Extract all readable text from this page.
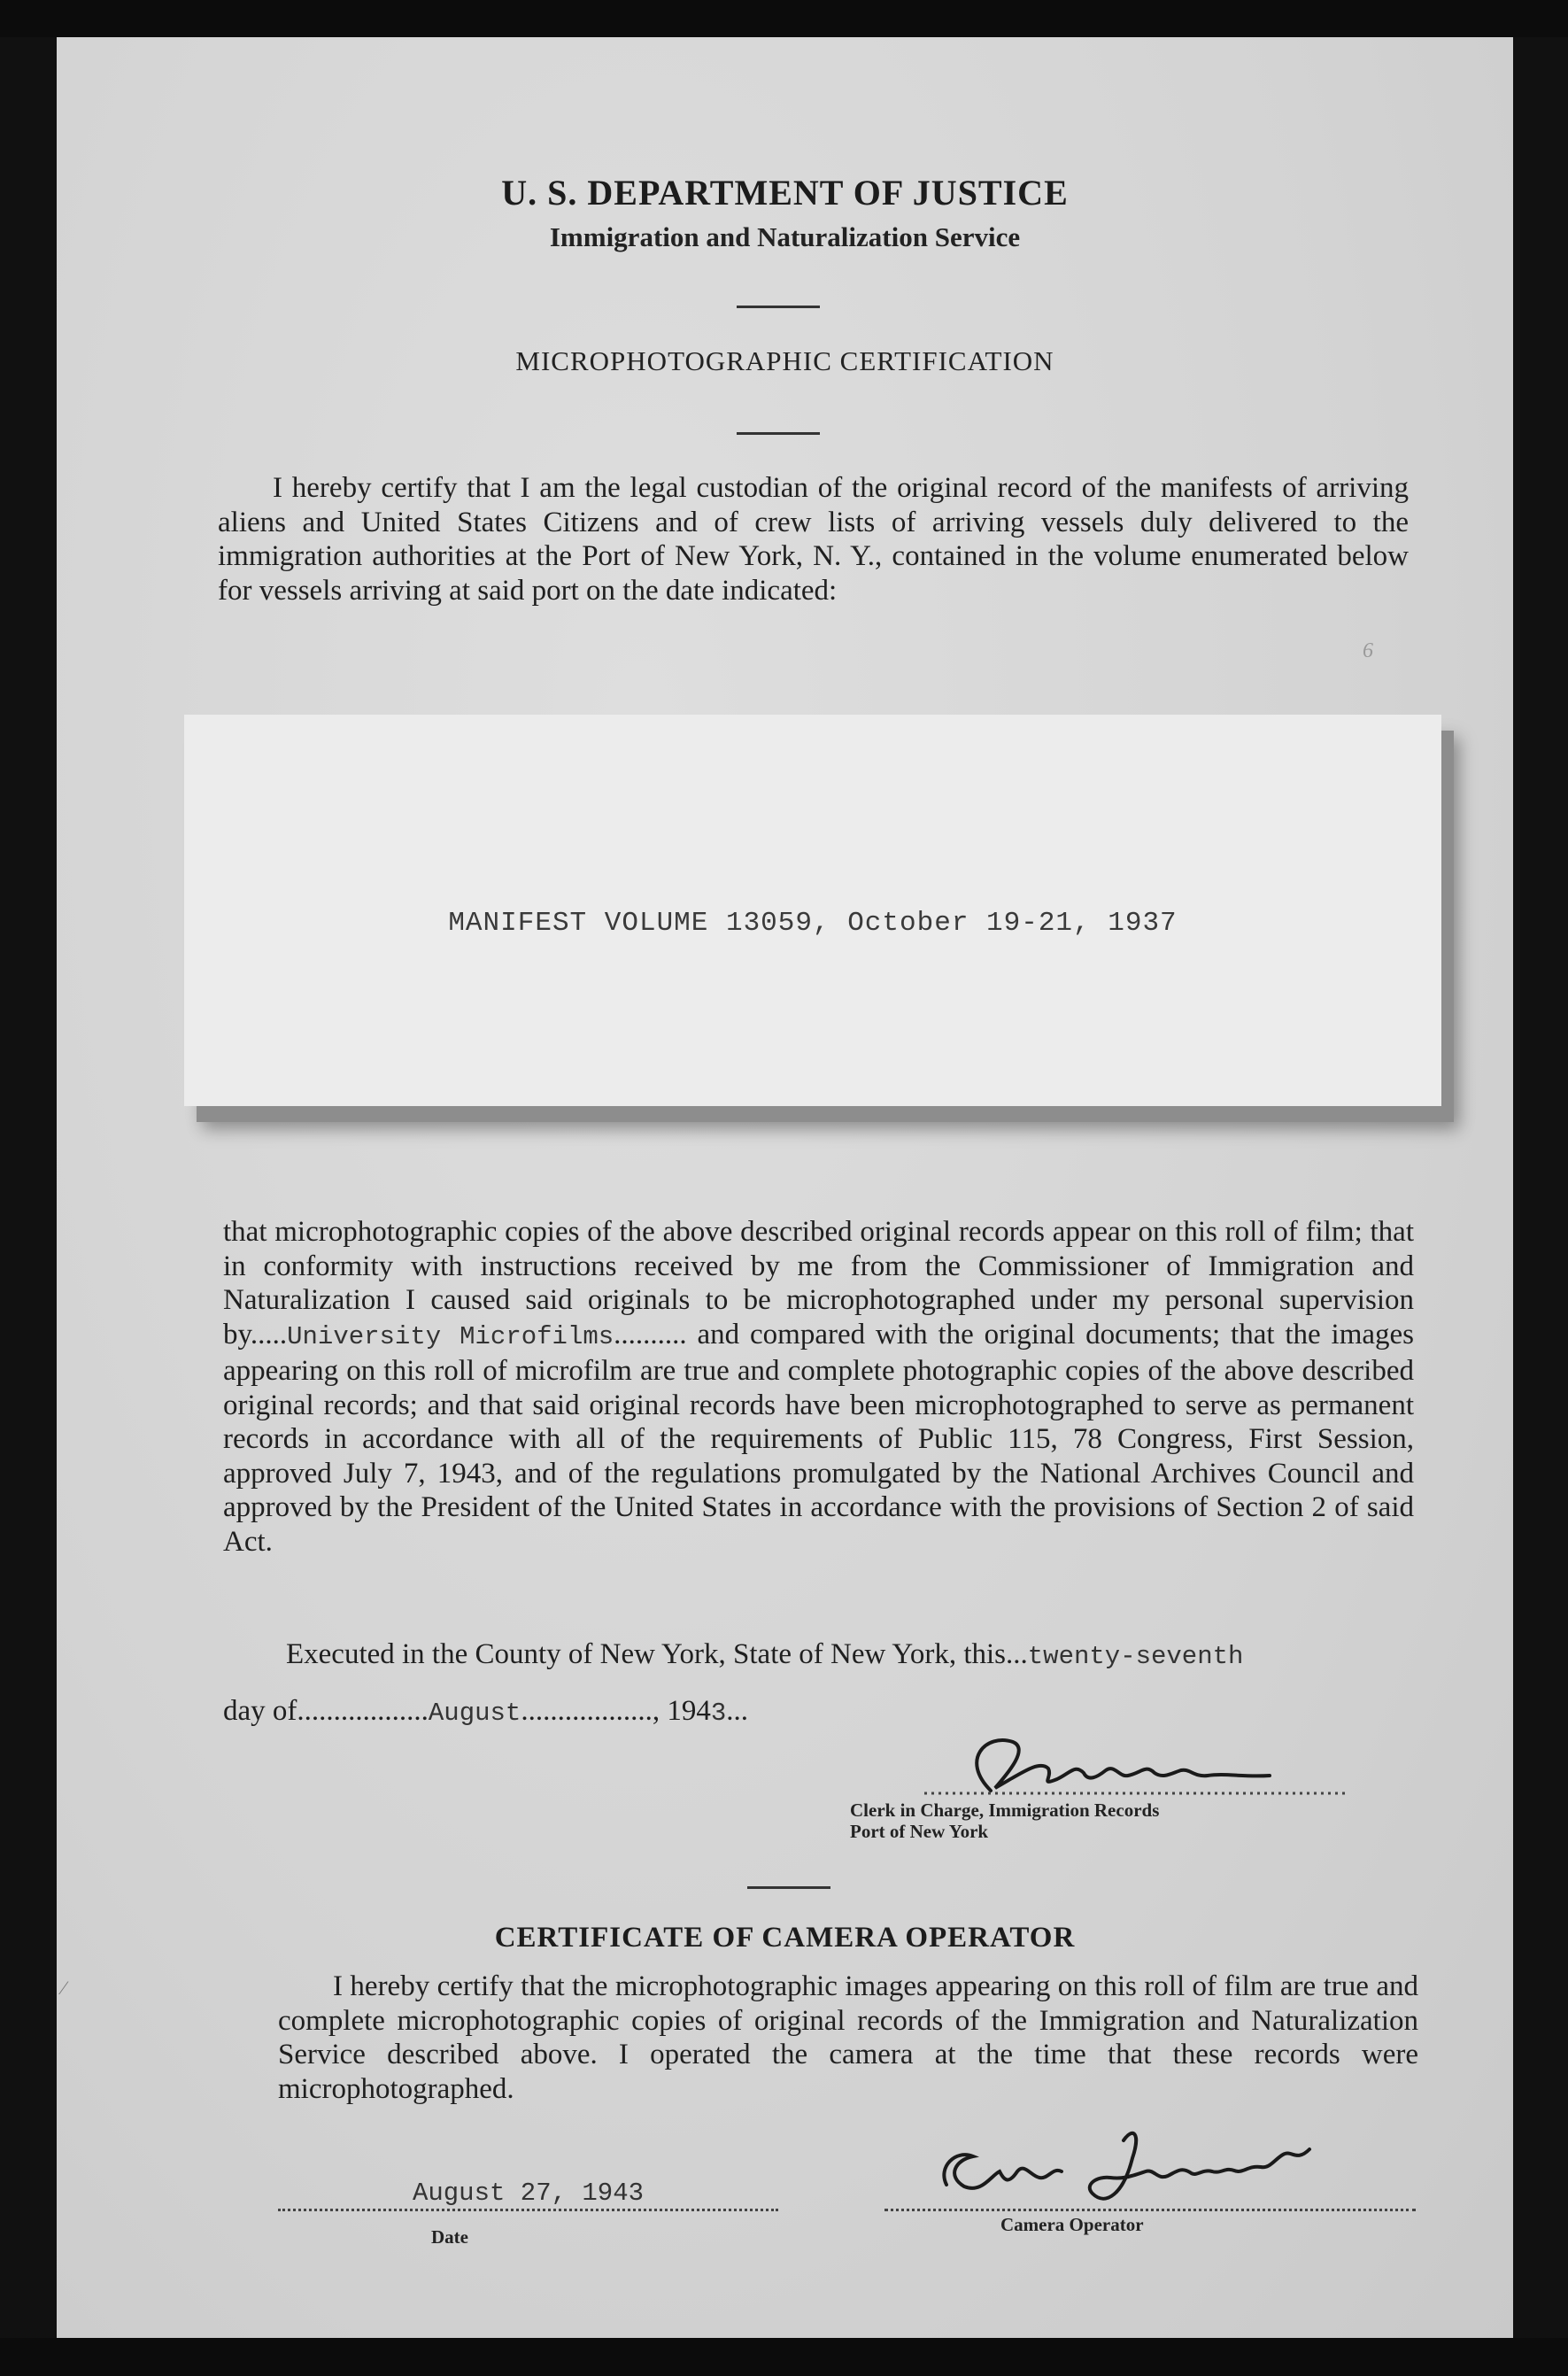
U. S. DEPARTMENT OF JUSTICE
Immigration and Naturalization Service
MICROPHOTOGRAPHIC CERTIFICATION
I hereby certify that I am the legal custodian of the original record of the manifests of arriving aliens and United States Citizens and of crew lists of arriving vessels duly delivered to the immigration authorities at the Port of New York, N. Y., contained in the volume enumerated below for vessels arriving at said port on the date indicated:
6
MANIFEST VOLUME 13059, October 19-21, 1937
that microphotographic copies of the above described original records appear on this roll of film; that in conformity with instructions received by me from the Commissioner of Immigration and Naturalization I caused said originals to be microphotographed under my personal supervision by.....University Microfilms.......... and compared with the original documents; that the images appearing on this roll of microfilm are true and complete photographic copies of the above described original records; and that said original records have been microphotographed to serve as permanent records in accordance with all of the requirements of Public 115, 78 Congress, First Session, approved July 7, 1943, and of the regulations promulgated by the National Archives Council and approved by the President of the United States in accordance with the provisions of Section 2 of said Act.
Executed in the County of New York, State of New York, this...twenty-seventh
day of..................August.................., 1943...
Clerk in Charge, Immigration Records
Port of New York
CERTIFICATE OF CAMERA OPERATOR
I hereby certify that the microphotographic images appearing on this roll of film are true and complete microphotographic copies of original records of the Immigration and Naturalization Service described above. I operated the camera at the time that these records were microphotographed.
August 27, 1943
Date
Camera Operator
⁄
